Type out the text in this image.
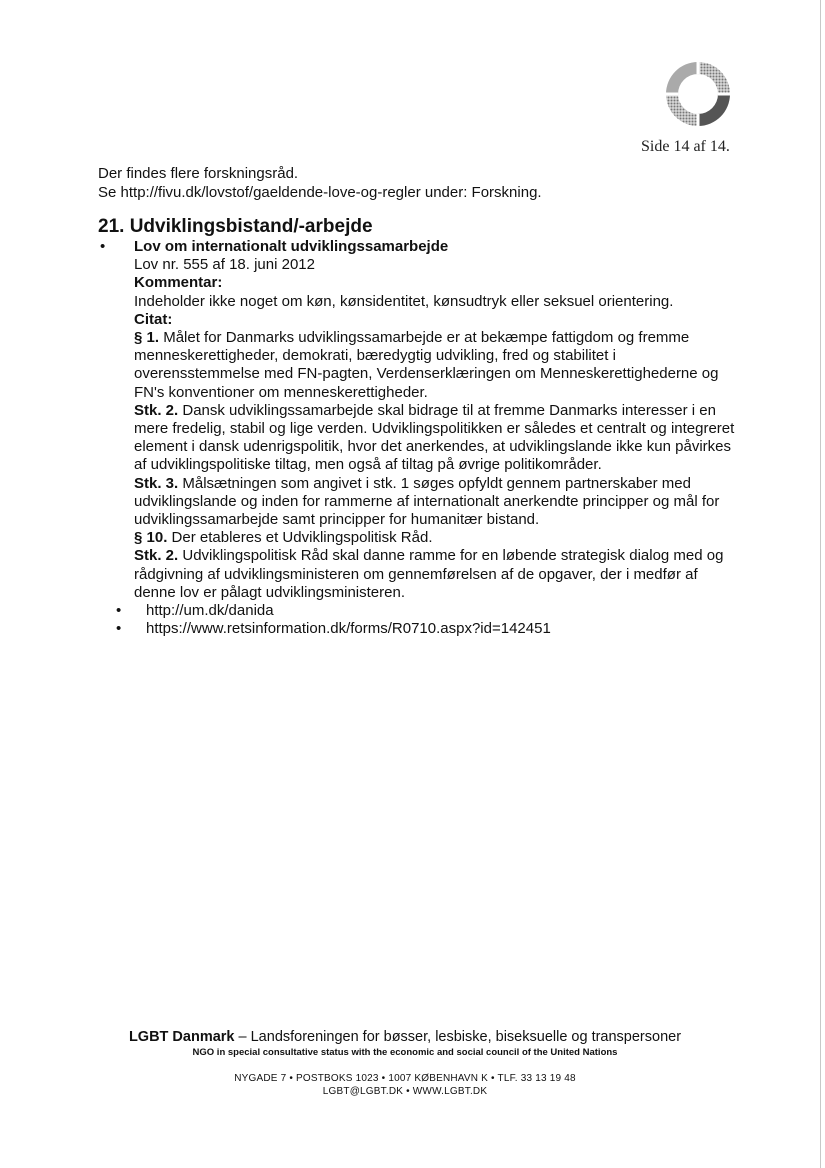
Side 14 af 14.
Der findes flere forskningsråd.
Se http://fivu.dk/lovstof/gaeldende-love-og-regler under: Forskning.
21. Udviklingsbistand/-arbejde
•	Lov om internationalt udviklingssamarbejde
Lov nr. 555 af 18. juni 2012
Kommentar:
Indeholder ikke noget om køn, kønsidentitet, kønsudtryk eller seksuel orientering.
Citat:
§ 1. Målet for Danmarks udviklingssamarbejde er at bekæmpe fattigdom og fremme menneskerettigheder, demokrati, bæredygtig udvikling, fred og stabilitet i overensstemmelse med FN-pagten, Verdenserklæringen om Menneskerettighederne og FN's konventioner om menneskerettigheder.
Stk. 2. Dansk udviklingssamarbejde skal bidrage til at fremme Danmarks interesser i en mere fredelig, stabil og lige verden. Udviklingspolitikken er således et centralt og integreret element i dansk udenrigspolitik, hvor det anerkendes, at udviklingslande ikke kun påvirkes af udviklingspolitiske tiltag, men også af tiltag på øvrige politikområder.
Stk. 3. Målsætningen som angivet i stk. 1 søges opfyldt gennem partnerskaber med udviklingslande og inden for rammerne af internationalt anerkendte principper og mål for udviklingssamarbejde samt principper for humanitær bistand.
§ 10. Der etableres et Udviklingspolitisk Råd.
Stk. 2. Udviklingspolitisk Råd skal danne ramme for en løbende strategisk dialog med og rådgivning af udviklingsministeren om gennemførelsen af de opgaver, der i medfør af denne lov er pålagt udviklingsministeren.
•	http://um.dk/danida
•	https://www.retsinformation.dk/forms/R0710.aspx?id=142451
LGBT Danmark – Landsforeningen for bøsser, lesbiske, biseksuelle og transpersoner
NGO in special consultative status with the economic and social council of the United Nations
NYGADE 7 • POSTBOKS 1023 • 1007 KØBENHAVN K • TLF. 33 13 19 48
LGBT@LGBT.DK • WWW.LGBT.DK
